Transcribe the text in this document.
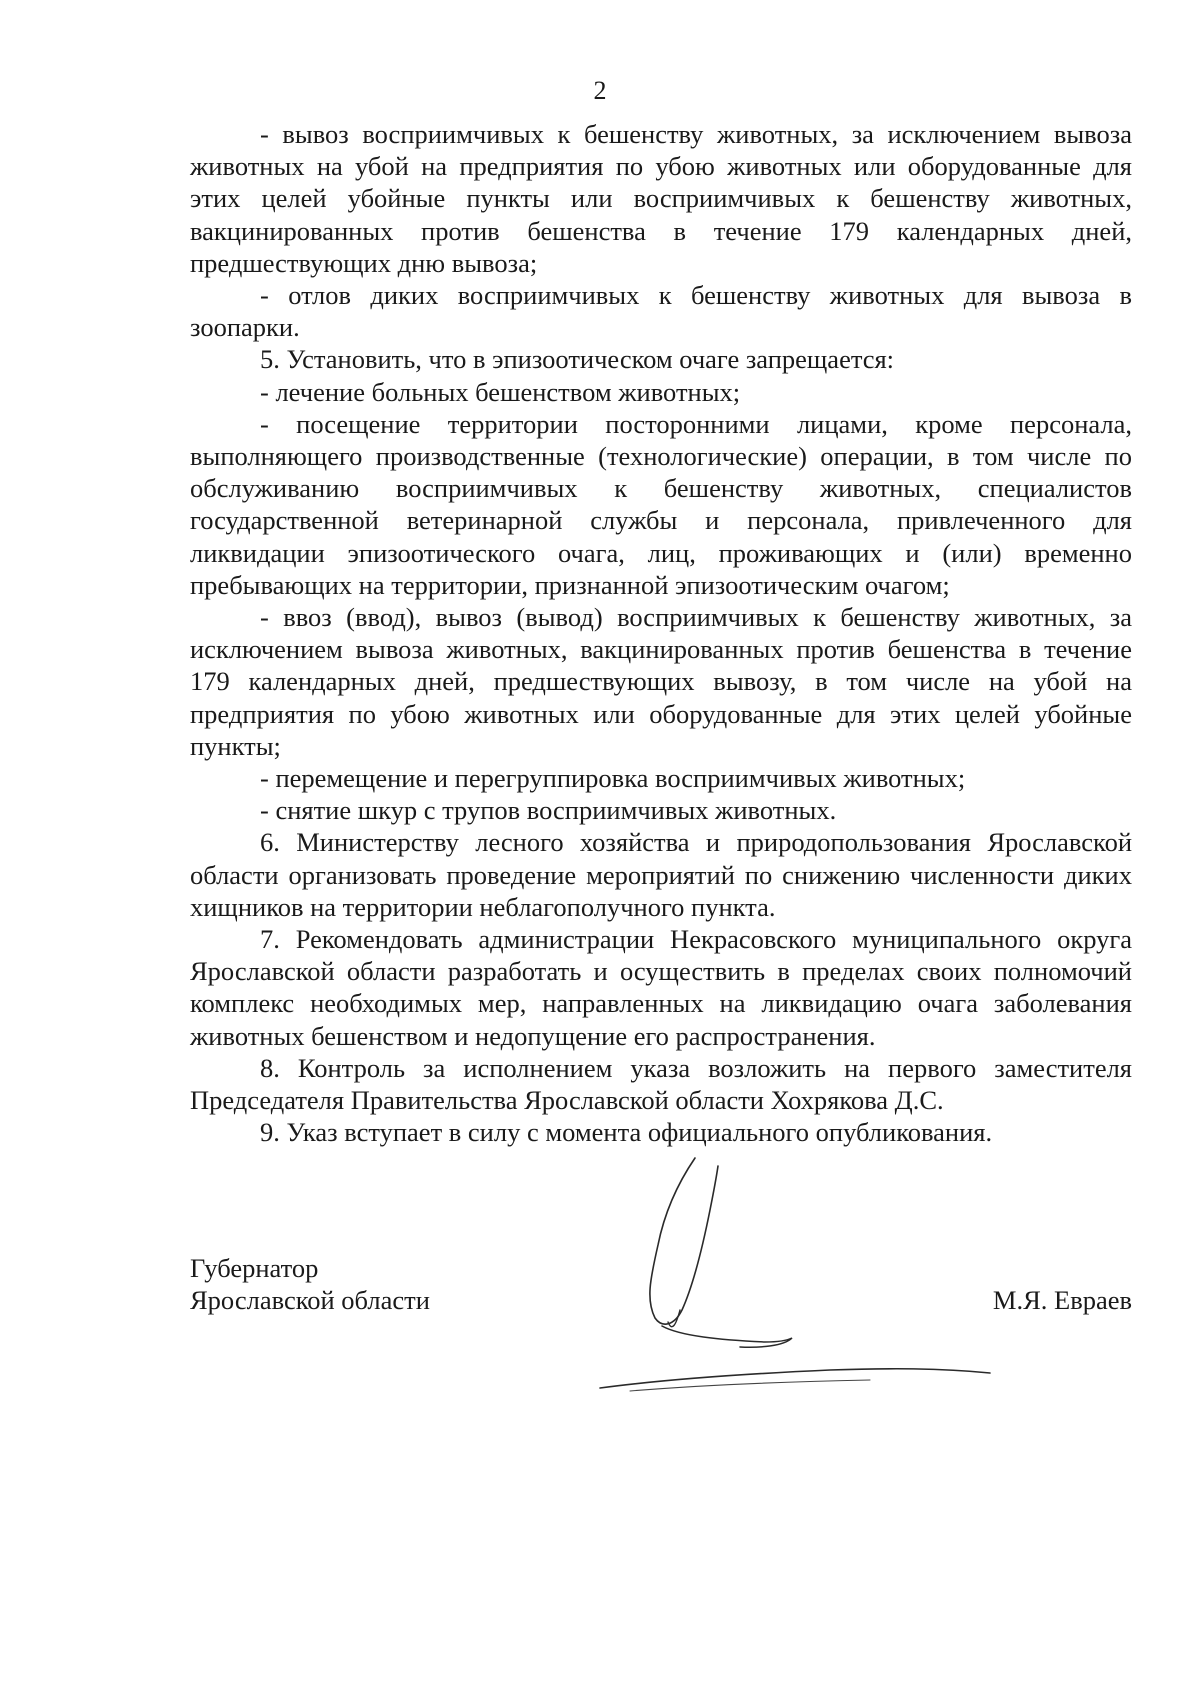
2

- вывоз восприимчивых к бешенству животных, за исключением вывоза животных на убой на предприятия по убою животных или оборудованные для этих целей убойные пункты или восприимчивых к бешенству животных, вакцинированных против бешенства в течение 179 календарных дней, предшествующих дню вывоза;

- отлов диких восприимчивых к бешенству животных для вывоза в зоопарки.

5. Установить, что в эпизоотическом очаге запрещается:

- лечение больных бешенством животных;

- посещение территории посторонними лицами, кроме персонала, выполняющего производственные (технологические) операции, в том числе по обслуживанию восприимчивых к бешенству животных, специалистов государственной ветеринарной службы и персонала, привлеченного для ликвидации эпизоотического очага, лиц, проживающих и (или) временно пребывающих на территории, признанной эпизоотическим очагом;

- ввоз (ввод), вывоз (вывод) восприимчивых к бешенству животных, за исключением вывоза животных, вакцинированных против бешенства в течение 179 календарных дней, предшествующих вывозу, в том числе на убой на предприятия по убою животных или оборудованные для этих целей убойные пункты;

- перемещение и перегруппировка восприимчивых животных;

- снятие шкур с трупов восприимчивых животных.

6. Министерству лесного хозяйства и природопользования Ярославской области организовать проведение мероприятий по снижению численности диких хищников на территории неблагополучного пункта.

7. Рекомендовать администрации Некрасовского муниципального округа Ярославской области разработать и осуществить в пределах своих полномочий комплекс необходимых мер, направленных на ликвидацию очага заболевания животных бешенством и недопущение его распространения.

8. Контроль за исполнением указа возложить на первого заместителя Председателя Правительства Ярославской области Хохрякова Д.С.

9. Указ вступает в силу с момента официального опубликования.

Губернатор
Ярославской области	М.Я. Евраев
